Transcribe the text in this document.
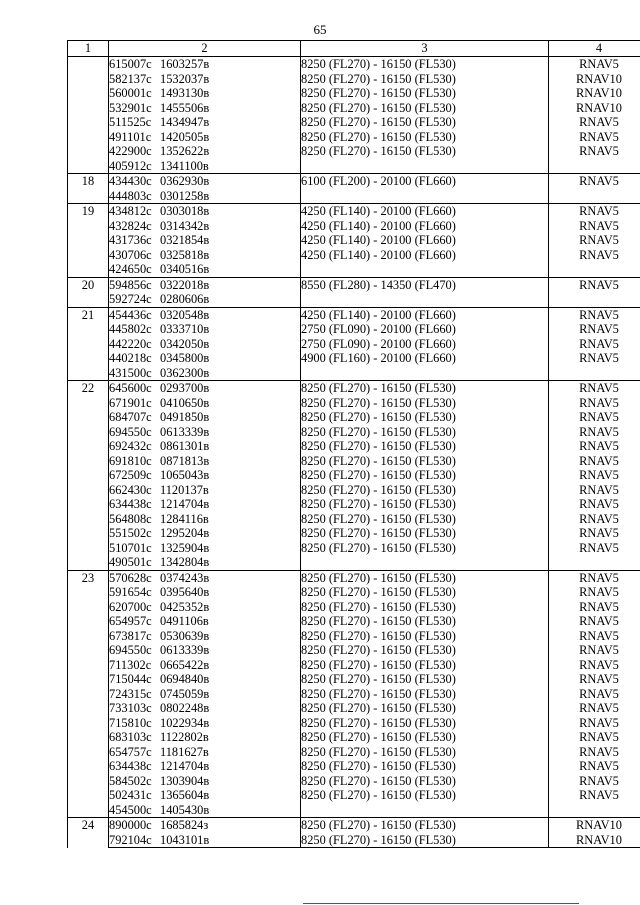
65
1	2	3	4
	615007с 1603257в	8250 (FL270) - 16150 (FL530)	RNAV5
	582137с 1532037в	8250 (FL270) - 16150 (FL530)	RNAV10
	560001с 1493130в	8250 (FL270) - 16150 (FL530)	RNAV10
	532901с 1455506в	8250 (FL270) - 16150 (FL530)	RNAV10
	511525с 1434947в	8250 (FL270) - 16150 (FL530)	RNAV5
	491101с 1420505в	8250 (FL270) - 16150 (FL530)	RNAV5
	422900с 1352622в	8250 (FL270) - 16150 (FL530)	RNAV5
	405912с 1341100в		
18	434430с 0362930в	6100 (FL200) - 20100 (FL660)	RNAV5
	444803с 0301258в		
19	434812с 0303018в	4250 (FL140) - 20100 (FL660)	RNAV5
	432824с 0314342в	4250 (FL140) - 20100 (FL660)	RNAV5
	431736с 0321854в	4250 (FL140) - 20100 (FL660)	RNAV5
	430706с 0325818в	4250 (FL140) - 20100 (FL660)	RNAV5
	424650с 0340516в		
20	594856с 0322018в	8550 (FL280) - 14350 (FL470)	RNAV5
	592724с 0280606в		
21	454436с 0320548в	4250 (FL140) - 20100 (FL660)	RNAV5
	445802с 0333710в	2750 (FL090) - 20100 (FL660)	RNAV5
	442220с 0342050в	2750 (FL090) - 20100 (FL660)	RNAV5
	440218с 0345800в	4900 (FL160) - 20100 (FL660)	RNAV5
	431500с 0362300в		
22	645600с 0293700в	8250 (FL270) - 16150 (FL530)	RNAV5
	671901с 0410650в	8250 (FL270) - 16150 (FL530)	RNAV5
	684707с 0491850в	8250 (FL270) - 16150 (FL530)	RNAV5
	694550с 0613339в	8250 (FL270) - 16150 (FL530)	RNAV5
	692432с 0861301в	8250 (FL270) - 16150 (FL530)	RNAV5
	691810с 0871813в	8250 (FL270) - 16150 (FL530)	RNAV5
	672509с 1065043в	8250 (FL270) - 16150 (FL530)	RNAV5
	662430с 1120137в	8250 (FL270) - 16150 (FL530)	RNAV5
	634438с 1214704в	8250 (FL270) - 16150 (FL530)	RNAV5
	564808с 1284116в	8250 (FL270) - 16150 (FL530)	RNAV5
	551502с 1295204в	8250 (FL270) - 16150 (FL530)	RNAV5
	510701с 1325904в	8250 (FL270) - 16150 (FL530)	RNAV5
	490501с 1342804в		
23	570628с 0374243в	8250 (FL270) - 16150 (FL530)	RNAV5
	591654с 0395640в	8250 (FL270) - 16150 (FL530)	RNAV5
	620700с 0425352в	8250 (FL270) - 16150 (FL530)	RNAV5
	654957с 0491106в	8250 (FL270) - 16150 (FL530)	RNAV5
	673817с 0530639в	8250 (FL270) - 16150 (FL530)	RNAV5
	694550с 0613339в	8250 (FL270) - 16150 (FL530)	RNAV5
	711302с 0665422в	8250 (FL270) - 16150 (FL530)	RNAV5
	715044с 0694840в	8250 (FL270) - 16150 (FL530)	RNAV5
	724315с 0745059в	8250 (FL270) - 16150 (FL530)	RNAV5
	733103с 0802248в	8250 (FL270) - 16150 (FL530)	RNAV5
	715810с 1022934в	8250 (FL270) - 16150 (FL530)	RNAV5
	683103с 1122802в	8250 (FL270) - 16150 (FL530)	RNAV5
	654757с 1181627в	8250 (FL270) - 16150 (FL530)	RNAV5
	634438с 1214704в	8250 (FL270) - 16150 (FL530)	RNAV5
	584502с 1303904в	8250 (FL270) - 16150 (FL530)	RNAV5
	502431с 1365604в	8250 (FL270) - 16150 (FL530)	RNAV5
	454500с 1405430в		
24	890000с 1685824з	8250 (FL270) - 16150 (FL530)	RNAV10
	792104с 1043101в	8250 (FL270) - 16150 (FL530)	RNAV10
